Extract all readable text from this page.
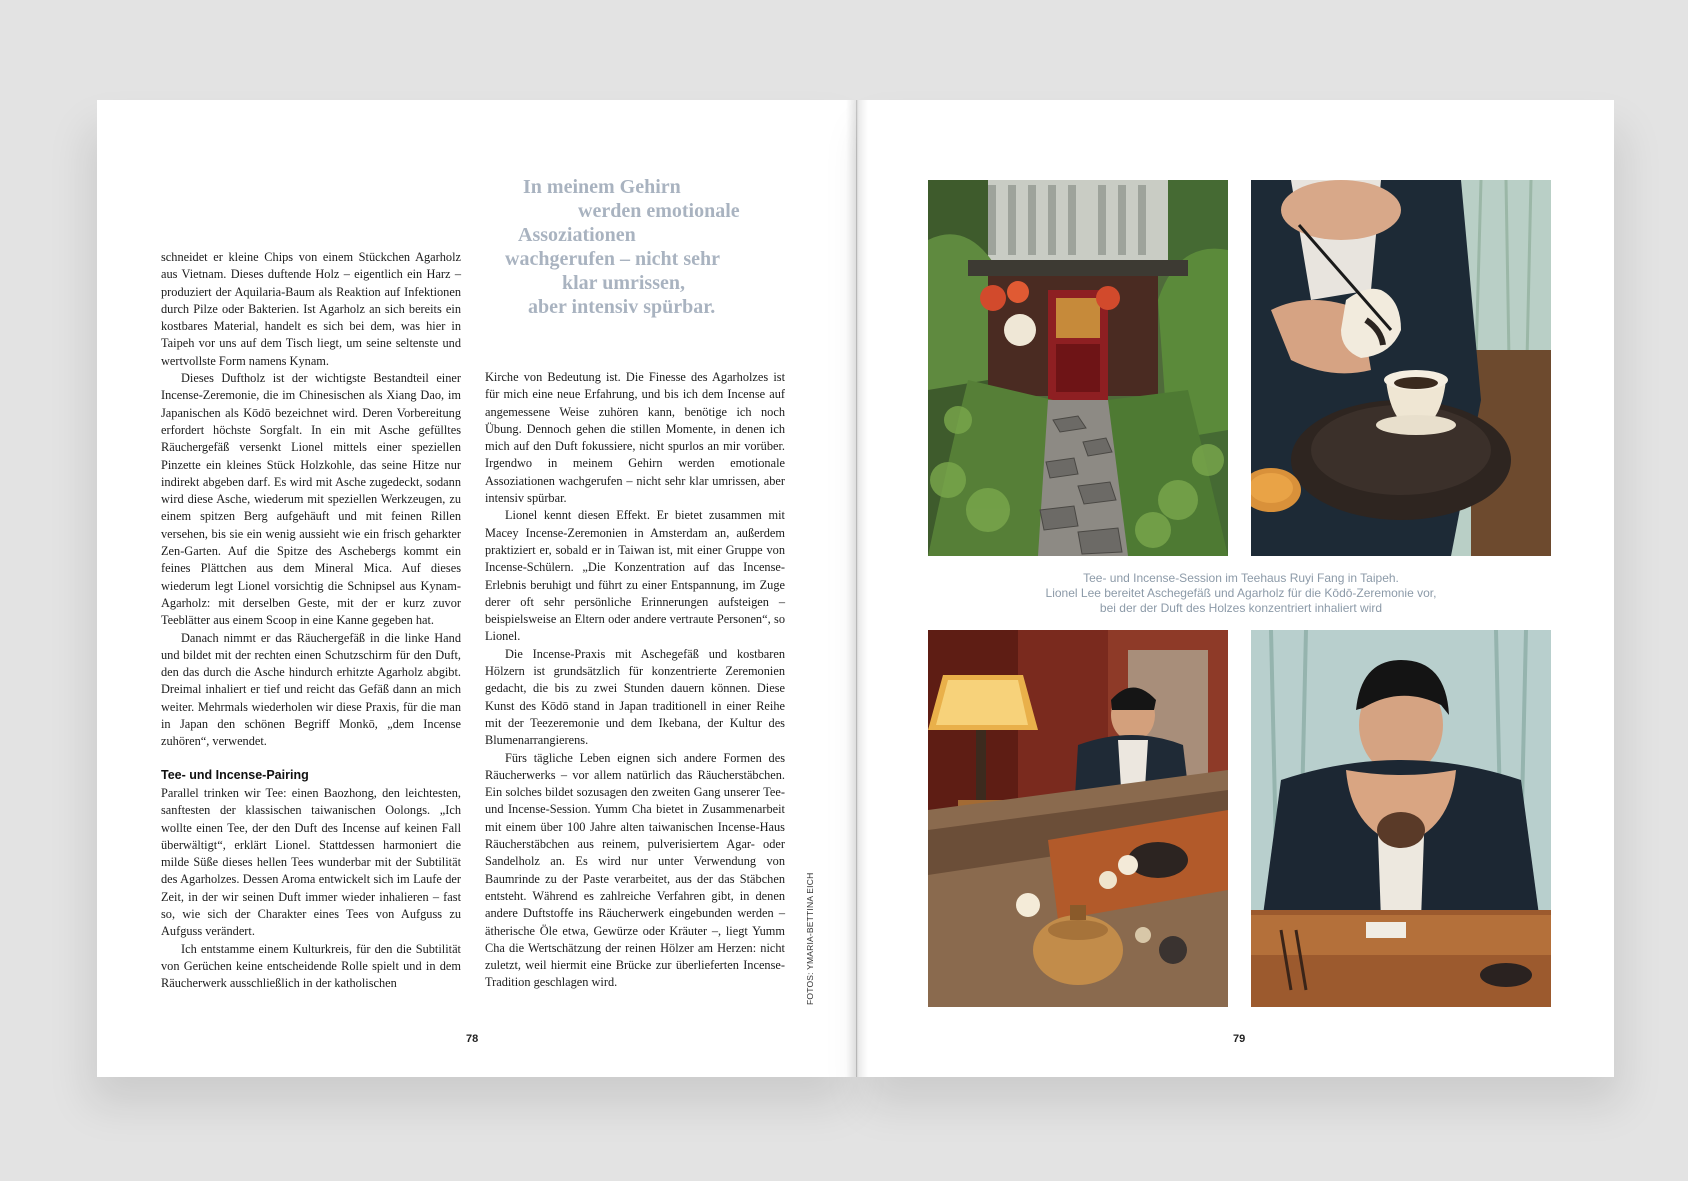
In meinem Gehirn
werden emotionale
Assoziationen
wachgerufen – nicht sehr
klar umrissen,
aber intensiv spürbar.

schneidet er kleine Chips von einem Stückchen Agarholz aus Vietnam. Dieses duftende Holz – eigentlich ein Harz – produziert der Aquilaria-Baum als Reaktion auf Infektionen durch Pilze oder Bakterien. Ist Agarholz an sich bereits ein kostbares Material, handelt es sich bei dem, was hier in Taipeh vor uns auf dem Tisch liegt, um seine seltenste und wertvollste Form namens Kynam.

Dieses Duftholz ist der wichtigste Bestandteil einer Incense-Zeremonie, die im Chinesischen als Xiang Dao, im Japanischen als Kōdō bezeichnet wird. Deren Vorbereitung erfordert höchste Sorgfalt. In ein mit Asche gefülltes Räuchergefäß versenkt Lionel mittels einer speziellen Pinzette ein kleines Stück Holzkohle, das seine Hitze nur indirekt abgeben darf. Es wird mit Asche zugedeckt, sodann wird diese Asche, wiederum mit speziellen Werkzeugen, zu einem spitzen Berg aufgehäuft und mit feinen Rillen versehen, bis sie ein wenig aussieht wie ein frisch geharkter Zen-Garten. Auf die Spitze des Aschebergs kommt ein feines Plättchen aus dem Mineral Mica. Auf dieses wiederum legt Lionel vorsichtig die Schnipsel aus Kynam-Agarholz: mit derselben Geste, mit der er kurz zuvor Teeblätter aus einem Scoop in eine Kanne gegeben hat.

Danach nimmt er das Räuchergefäß in die linke Hand und bildet mit der rechten einen Schutzschirm für den Duft, den das durch die Asche hindurch erhitzte Agarholz abgibt. Dreimal inhaliert er tief und reicht das Gefäß dann an mich weiter. Mehrmals wiederholen wir diese Praxis, für die man in Japan den schönen Begriff Monkō, „dem Incense zuhören“, verwendet.

Tee- und Incense-Pairing

Parallel trinken wir Tee: einen Baozhong, den leichtesten, sanftesten der klassischen taiwanischen Oolongs. „Ich wollte einen Tee, der den Duft des Incense auf keinen Fall überwältigt“, erklärt Lionel. Stattdessen harmoniert die milde Süße dieses hellen Tees wunderbar mit der Subtilität des Agarholzes. Dessen Aroma entwickelt sich im Laufe der Zeit, in der wir seinen Duft immer wieder inhalieren – fast so, wie sich der Charakter eines Tees von Aufguss zu Aufguss verändert.

Ich entstamme einem Kulturkreis, für den die Subtilität von Gerüchen keine entscheidende Rolle spielt und in dem Räucherwerk ausschließlich in der katholischen

Kirche von Bedeutung ist. Die Finesse des Agarholzes ist für mich eine neue Erfahrung, und bis ich dem Incense auf angemessene Weise zuhören kann, benötige ich noch Übung. Dennoch gehen die stillen Momente, in denen ich mich auf den Duft fokussiere, nicht spurlos an mir vorüber. Irgendwo in meinem Gehirn werden emotionale Assoziationen wachgerufen – nicht sehr klar umrissen, aber intensiv spürbar.

Lionel kennt diesen Effekt. Er bietet zusammen mit Macey Incense-Zeremonien in Amsterdam an, außerdem praktiziert er, sobald er in Taiwan ist, mit einer Gruppe von Incense-Schülern. „Die Konzentration auf das Incense-Erlebnis beruhigt und führt zu einer Entspannung, im Zuge derer oft sehr persönliche Erinnerungen aufsteigen – beispielsweise an Eltern oder andere vertraute Personen“, so Lionel.

Die Incense-Praxis mit Aschegefäß und kostbaren Hölzern ist grundsätzlich für konzentrierte Zeremonien gedacht, die bis zu zwei Stunden dauern können. Diese Kunst des Kōdō stand in Japan traditionell in einer Reihe mit der Teezeremonie und dem Ikebana, der Kultur des Blumenarrangierens.

Fürs tägliche Leben eignen sich andere Formen des Räucherwerks – vor allem natürlich das Räucherstäbchen. Ein solches bildet sozusagen den zweiten Gang unserer Tee- und Incense-Session. Yumm Cha bietet in Zusammenarbeit mit einem über 100 Jahre alten taiwanischen Incense-Haus Räucherstäbchen aus reinem, pulverisiertem Agar- oder Sandelholz an. Es wird nur unter Verwendung von Baumrinde zu der Paste verarbeitet, aus der das Stäbchen entsteht. Während es zahlreiche Verfahren gibt, in denen andere Duftstoffe ins Räucherwerk eingebunden werden – ätherische Öle etwa, Gewürze oder Kräuter –, liegt Yumm Cha die Wertschätzung der reinen Hölzer am Herzen: nicht zuletzt, weil hiermit eine Brücke zur überlieferten Incense-Tradition geschlagen wird.	FOTOS: YMARIA-BETTINA EICH
78	79
Tee- und Incense-Session im Teehaus Ruyi Fang in Taipeh.
Lionel Lee bereitet Aschegefäß und Agarholz für die Kōdō-Zeremonie vor,
bei der der Duft des Holzes konzentriert inhaliert wird
